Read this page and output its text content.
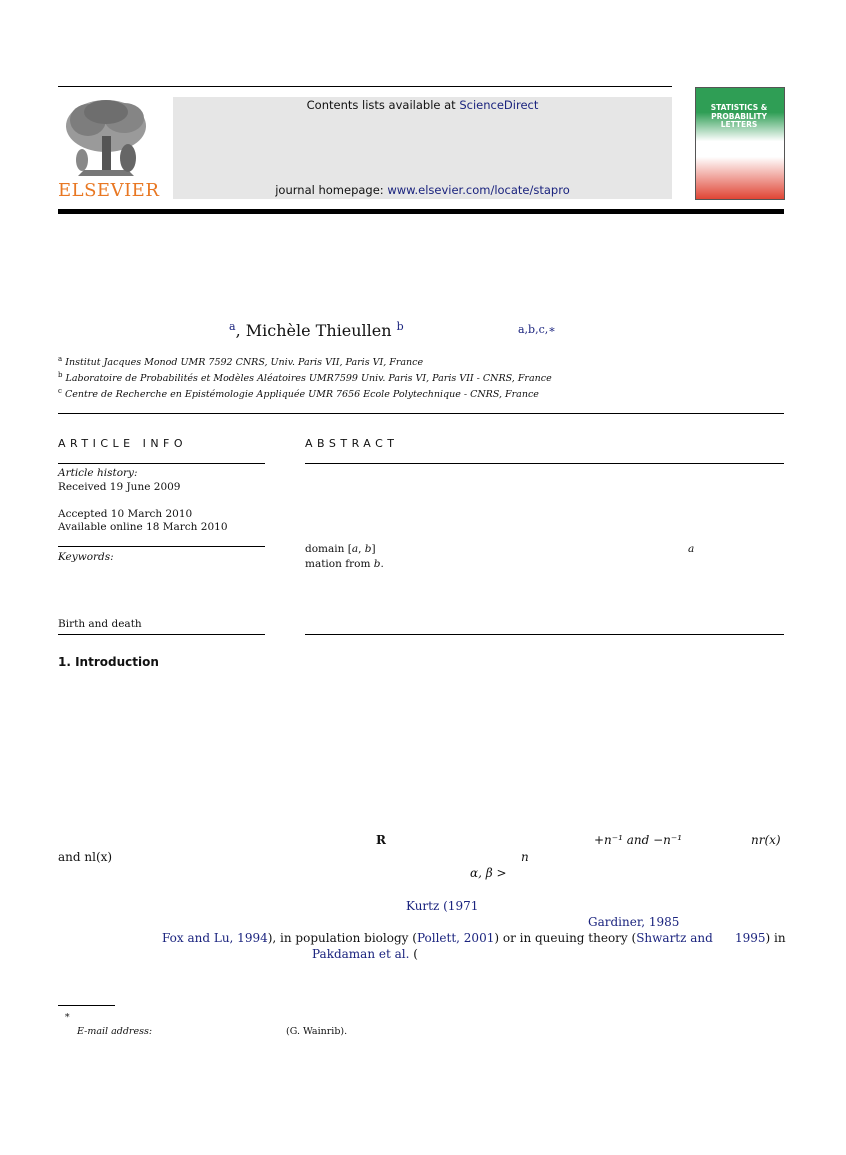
ELSEVIER
Contents lists available at ScienceDirect
journal homepage: www.elsevier.com/locate/stapro
STATISTICS & PROBABILITY LETTERS
$^a$, Michèle Thieullen $^b$	a,b,c,∗
$^a$ Institut Jacques Monod UMR 7592 CNRS, Univ. Paris VII, Paris VI, France
$^b$ Laboratoire de Probabilités et Modèles Aléatoires UMR7599 Univ. Paris VI, Paris VII - CNRS, France
$^c$ Centre de Recherche en Epistémologie Appliquée UMR 7656 Ecole Polytechnique - CNRS, France
ARTICLE INFO
Article history:
Received 19 June 2009
Accepted 10 March 2010
Available online 18 March 2010
Keywords:
Birth and death
ABSTRACT
domain [a, b]	a
mation from b.
1. Introduction
R	+n⁻¹ and −n⁻¹	nr(x)
and nl(x)	n
α, β >
Kurtz (1971
Gardiner, 1985
Fox and Lu, 1994), in population biology (Pollett, 2001) or in queuing theory (Shwartz and 1995) in
Pakdaman et al. (
∗
E-mail address:	(G. Wainrib).
